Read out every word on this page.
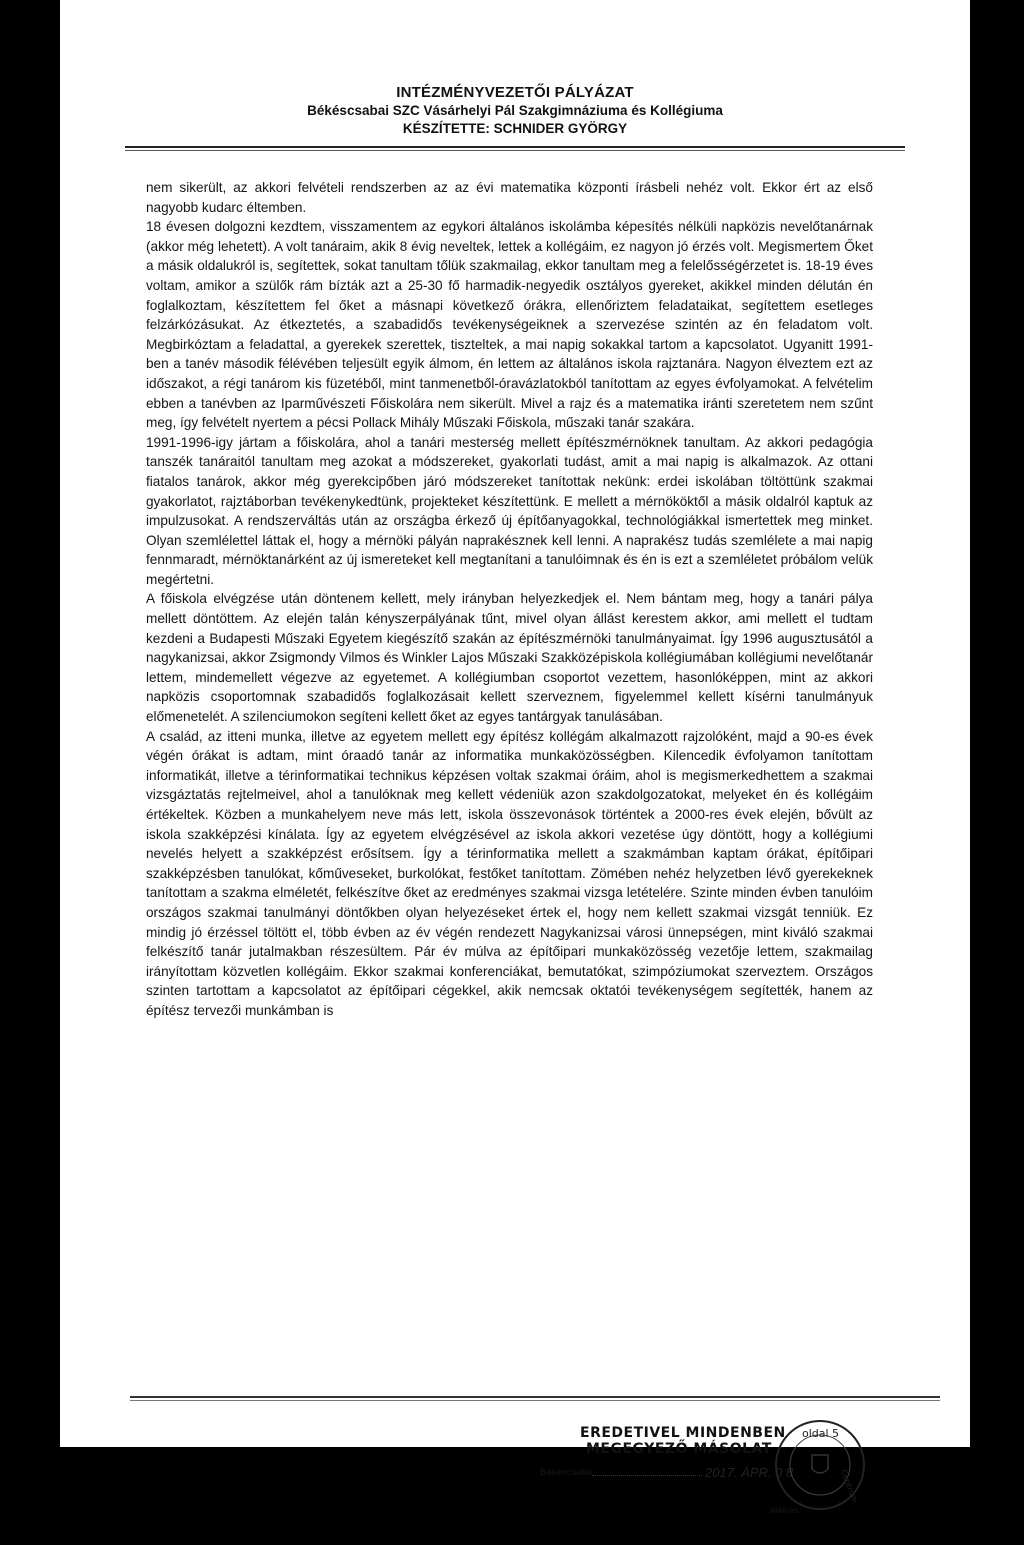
INTÉZMÉNYVEZETŐI PÁLYÁZAT
Békéscsabai SZC Vásárhelyi Pál Szakgimnáziuma és Kollégiuma
KÉSZÍTETTE: SCHNIDER GYÖRGY

nem sikerült, az akkori felvételi rendszerben az az évi matematika központi írásbeli nehéz volt. Ekkor ért az első nagyobb kudarc éltemben.

18 évesen dolgozni kezdtem, visszamentem az egykori általános iskolámba képesítés nélküli napközis nevelőtanárnak (akkor még lehetett). A volt tanáraim, akik 8 évig neveltek, lettek a kollégáim, ez nagyon jó érzés volt. Megismertem Őket a másik oldalukról is, segítettek, sokat tanultam tőlük szakmailag, ekkor tanultam meg a felelősségérzetet is. 18-19 éves voltam, amikor a szülők rám bízták azt a 25-30 fő harmadik-negyedik osztályos gyereket, akikkel minden délután én foglalkoztam, készítettem fel őket a másnapi következő órákra, ellenőriztem feladataikat, segítettem esetleges felzárkózásukat. Az étkeztetés, a szabadidős tevékenységeiknek a szervezése szintén az én feladatom volt. Megbirkóztam a feladattal, a gyerekek szerettek, tiszteltek, a mai napig sokakkal tartom a kapcsolatot. Ugyanitt 1991-ben a tanév második félévében teljesült egyik álmom, én lettem az általános iskola rajztanára. Nagyon élveztem ezt az időszakot, a régi tanárom kis füzetéből, mint tanmenetből-óravázlatokból tanítottam az egyes évfolyamokat. A felvételim ebben a tanévben az Iparművészeti Főiskolára nem sikerült. Mivel a rajz és a matematika iránti szeretetem nem szűnt meg, így felvételt nyertem a pécsi Pollack Mihály Műszaki Főiskola, műszaki tanár szakára.

1991-1996-igy jártam a főiskolára, ahol a tanári mesterség mellett építészmérnöknek tanultam. Az akkori pedagógia tanszék tanáraitól tanultam meg azokat a módszereket, gyakorlati tudást, amit a mai napig is alkalmazok. Az ottani fiatalos tanárok, akkor még gyerekcipőben járó módszereket tanítottak nekünk: erdei iskolában töltöttünk szakmai gyakorlatot, rajztáborban tevékenykedtünk, projekteket készítettünk. E mellett a mérnököktől a másik oldalról kaptuk az impulzusokat. A rendszerváltás után az országba érkező új építőanyagokkal, technológiákkal ismertettek meg minket. Olyan szemlélettel láttak el, hogy a mérnöki pályán naprakésznek kell lenni. A naprakész tudás szemlélete a mai napig fennmaradt, mérnöktanárként az új ismereteket kell megtanítani a tanulóimnak és én is ezt a szemléletet próbálom velük megértetni.

A főiskola elvégzése után döntenem kellett, mely irányban helyezkedjek el. Nem bántam meg, hogy a tanári pálya mellett döntöttem. Az elején talán kényszerpályának tűnt, mivel olyan állást kerestem akkor, ami mellett el tudtam kezdeni a Budapesti Műszaki Egyetem kiegészítő szakán az építészmérnöki tanulmányaimat. Így 1996 augusztusától a nagykanizsai, akkor Zsigmondy Vilmos és Winkler Lajos Műszaki Szakközépiskola kollégiumában kollégiumi nevelőtanár lettem, mindemellett végezve az egyetemet. A kollégiumban csoportot vezettem, hasonlóképpen, mint az akkori napközis csoportomnak szabadidős foglalkozásait kellett szerveznem, figyelemmel kellett kísérni tanulmányuk előmenetelét. A szilenciumokon segíteni kellett őket az egyes tantárgyak tanulásában.

A család, az itteni munka, illetve az egyetem mellett egy építész kollégám alkalmazott rajzolóként, majd a 90-es évek végén órákat is adtam, mint óraadó tanár az informatika munkaközösségben. Kilencedik évfolyamon tanítottam informatikát, illetve a térinformatikai technikus képzésen voltak szakmai óráim, ahol is megismerkedhettem a szakmai vizsgáztatás rejtelmeivel, ahol a tanulóknak meg kellett védeniük azon szakdolgozatokat, melyeket én és kollégáim értékeltek. Közben a munkahelyem neve más lett, iskola összevonások történtek a 2000-res évek elején, bővült az iskola szakképzési kínálata. Így az egyetem elvégzésével az iskola akkori vezetése úgy döntött, hogy a kollégiumi nevelés helyett a szakképzést erősítsem. Így a térinformatika mellett a szakmámban kaptam órákat, építőipari szakképzésben tanulókat, kőműveseket, burkolókat, festőket tanítottam. Zömében nehéz helyzetben lévő gyerekeknek tanítottam a szakma elméletét, felkészítve őket az eredményes szakmai vizsga letételére. Szinte minden évben tanulóim országos szakmai tanulmányi döntőkben olyan helyezéseket értek el, hogy nem kellett szakmai vizsgát tenniük. Ez mindig jó érzéssel töltött el, több évben az év végén rendezett Nagykanizsai városi ünnepségen, mint kiváló szakmai felkészítő tanár jutalmakban részesültem. Pár év múlva az építőipari munkaközösség vezetője lettem, szakmailag irányítottam közvetlen kollégáim. Ekkor szakmai konferenciákat, bemutatókat, szimpóziumokat szerveztem. Országos szinten tartottam a kapcsolatot az építőipari cégekkel, akik nemcsak oktatói tevékenységem segítették, hanem az építész tervezői munkámban is

EREDETIVEL MINDENBEN
MEGEGYEZŐ MÁSOLAT
Békéscsaba,	2017. ÁPR. 0 8
aláírás
oldal 5
Centrum
